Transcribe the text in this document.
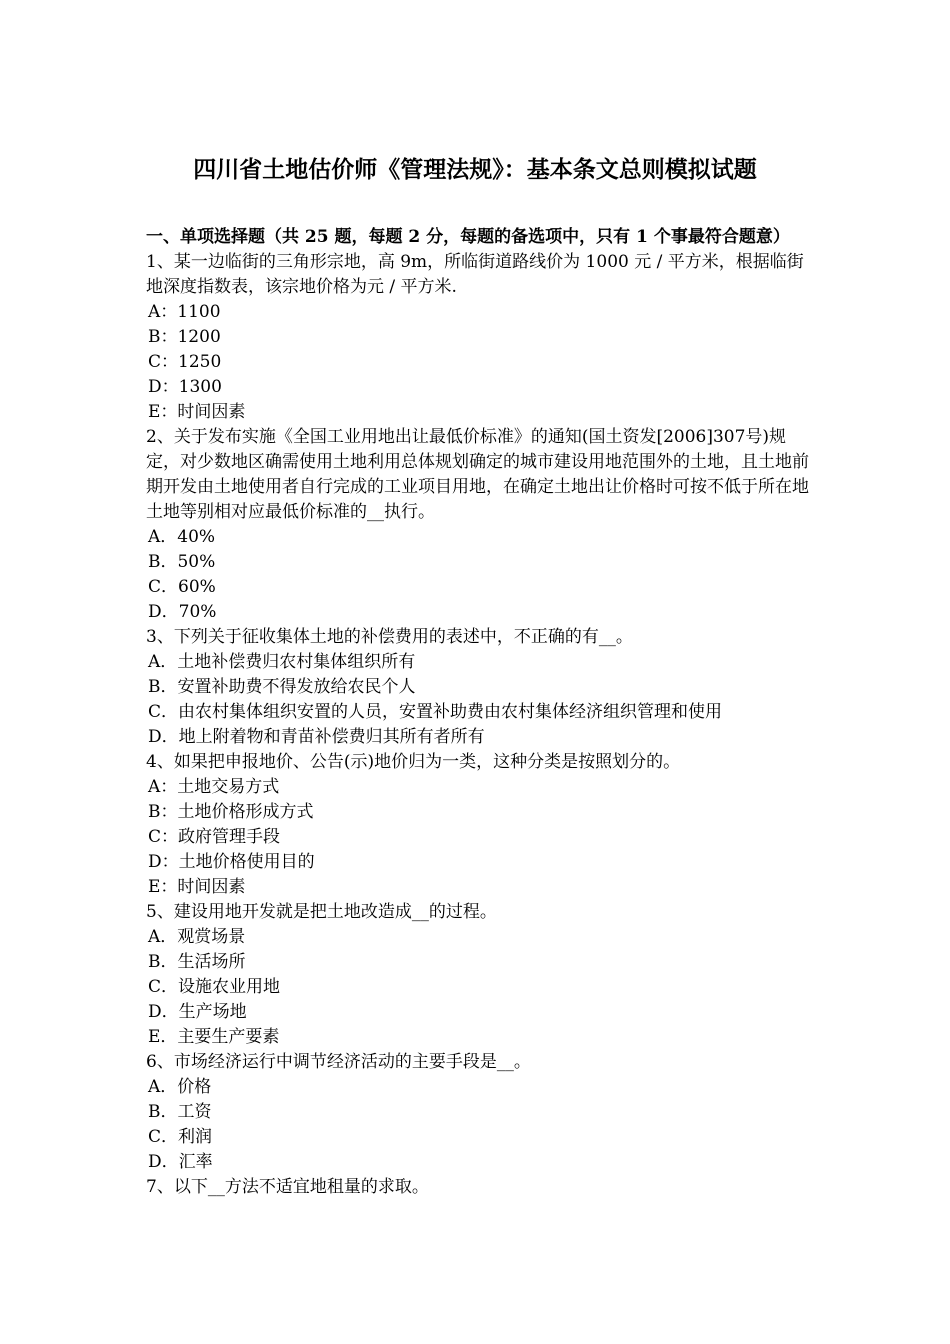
四川省土地估价师《管理法规》：基本条文总则模拟试题
一、单项选择题（共 25 题，每题 2 分，每题的备选项中，只有 1 个事最符合题意）
1、某一边临街的三角形宗地，高 9m，所临街道路线价为 1000 元 / 平方米，根据临街地深度指数表，该宗地价格为元 / 平方米.
A：1100
B：1200
C：1250
D：1300
E：时间因素
2、关于发布实施《全国工业用地出让最低价标准》的通知(国土资发[2006]307号)规定，对少数地区确需使用土地利用总体规划确定的城市建设用地范围外的土地，且土地前期开发由土地使用者自行完成的工业项目用地，在确定土地出让价格时可按不低于所在地土地等别相对应最低价标准的__执行。
A．40%
B．50%
C．60%
D．70%
3、下列关于征收集体土地的补偿费用的表述中，不正确的有__。
A．土地补偿费归农村集体组织所有
B．安置补助费不得发放给农民个人
C．由农村集体组织安置的人员，安置补助费由农村集体经济组织管理和使用
D．地上附着物和青苗补偿费归其所有者所有
4、如果把申报地价、公告(示)地价归为一类，这种分类是按照划分的。
A：土地交易方式
B：土地价格形成方式
C：政府管理手段
D：土地价格使用目的
E：时间因素
5、建设用地开发就是把土地改造成__的过程。
A．观赏场景
B．生活场所
C．设施农业用地
D．生产场地
E．主要生产要素
6、市场经济运行中调节经济活动的主要手段是__。
A．价格
B．工资
C．利润
D．汇率
7、以下__方法不适宜地租量的求取。
